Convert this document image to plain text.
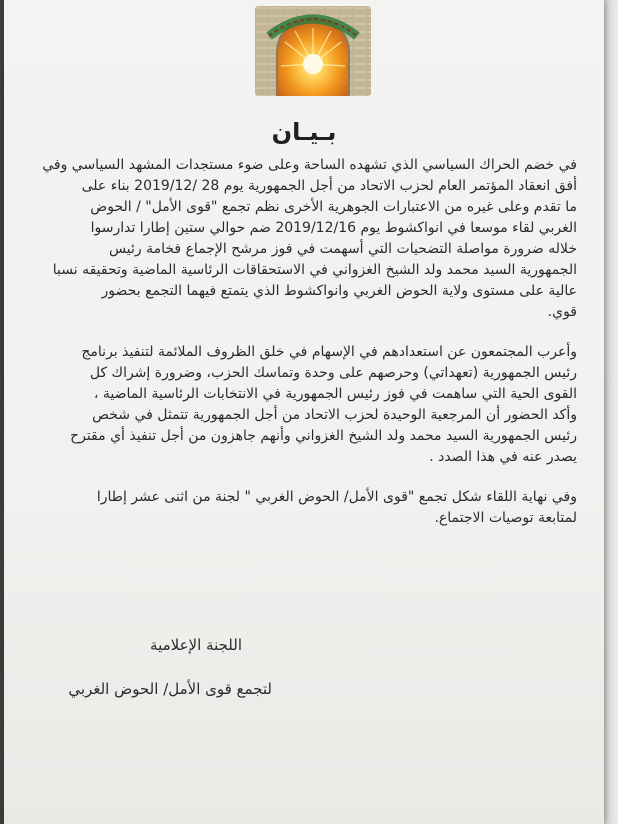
بـيـان
في خضم الحراك السياسي الذي تشهده الساحة وعلى ضوء مستجدات المشهد السياسي وفي
أفق انعقاد المؤتمر العام لحزب الاتحاد من أجل الجمهورية يوم 28 /2019/12 بناء على
ما تقدم وعلى غيره من الاعتبارات الجوهرية الأخرى نظم تجمع "قوى الأمل" / الحوض
الغربي لقاء موسعا في انواكشوط يوم 2019/12/16 ضم حوالي ستين إطارا تدارسوا
خلاله ضرورة مواصلة التضحيات التي أسهمت في فوز مرشح الإجماع فخامة رئيس
الجمهورية السيد محمد ولد الشيخ الغزواني في الاستحقاقات الرئاسية الماضية وتحقيقه نسبا
عالية على مستوى ولاية الحوض الغربي وانواكشوط الذي يتمتع فيهما التجمع بحضور
قوي.
وأعرب المجتمعون عن استعدادهم في الإسهام في خلق الظروف الملائمة لتنفيذ برنامج
رئيس الجمهورية (تعهداتي) وحرصهم على وحدة وتماسك الحزب، وضرورة إشراك كل
القوى الحية التي ساهمت في فوز رئيس الجمهورية في الانتخابات الرئاسية الماضية ،
وأكد الحضور أن المرجعية الوحيدة لحزب الاتحاد من أجل الجمهورية تتمثل في شخص
رئيس الجمهورية السيد محمد ولد الشيخ الغزواني وأنهم جاهزون من أجل تنفيذ أي مقترح
يصدر عنه في هذا الصدد .
وفي نهاية اللقاء شكل تجمع "قوى الأمل/ الحوض الغربي " لجنة من اثنى عشر إطارا
لمتابعة توصيات الاجتماع.
اللجنة الإعلامية
لتجمع قوى الأمل/ الحوض الغربي
